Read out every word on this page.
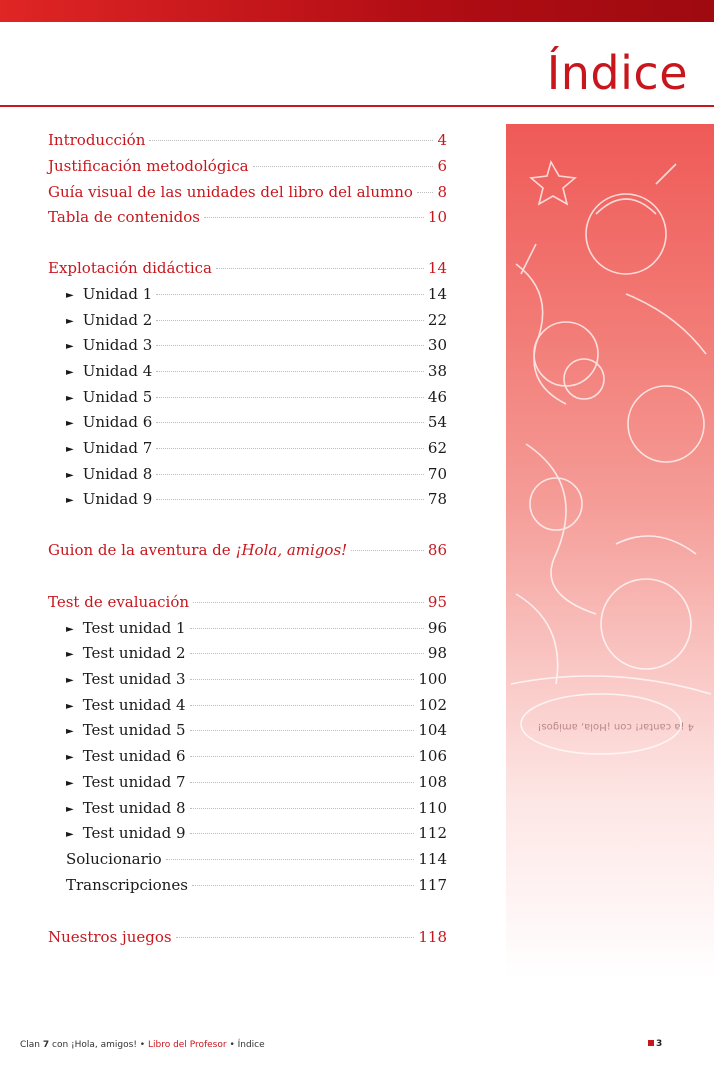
Índice
4 ¡a cantar! con ¡Hola, amigos!
Introducción	4
Justificación metodológica	6
Guía visual de las unidades del libro del alumno 8
Tabla de contenidos	10
Explotación didáctica	14
► Unidad 1	14
► Unidad 2	22
► Unidad 3	30
► Unidad 4	38
► Unidad 5	46
► Unidad 6	54
► Unidad 7	62
► Unidad 8	70
► Unidad 9	78
Guion de la aventura de ¡Hola, amigos!	86
Test de evaluación	95
► Test unidad 1	96
► Test unidad 2	98
► Test unidad 3	100
► Test unidad 4	102
► Test unidad 5	104
► Test unidad 6	106
► Test unidad 7	108
► Test unidad 8	110
► Test unidad 9	112
Solucionario	114
Transcripciones	117
Nuestros juegos	118
Clan 7 con ¡Hola, amigos! • Libro del Profesor • Índice	3
